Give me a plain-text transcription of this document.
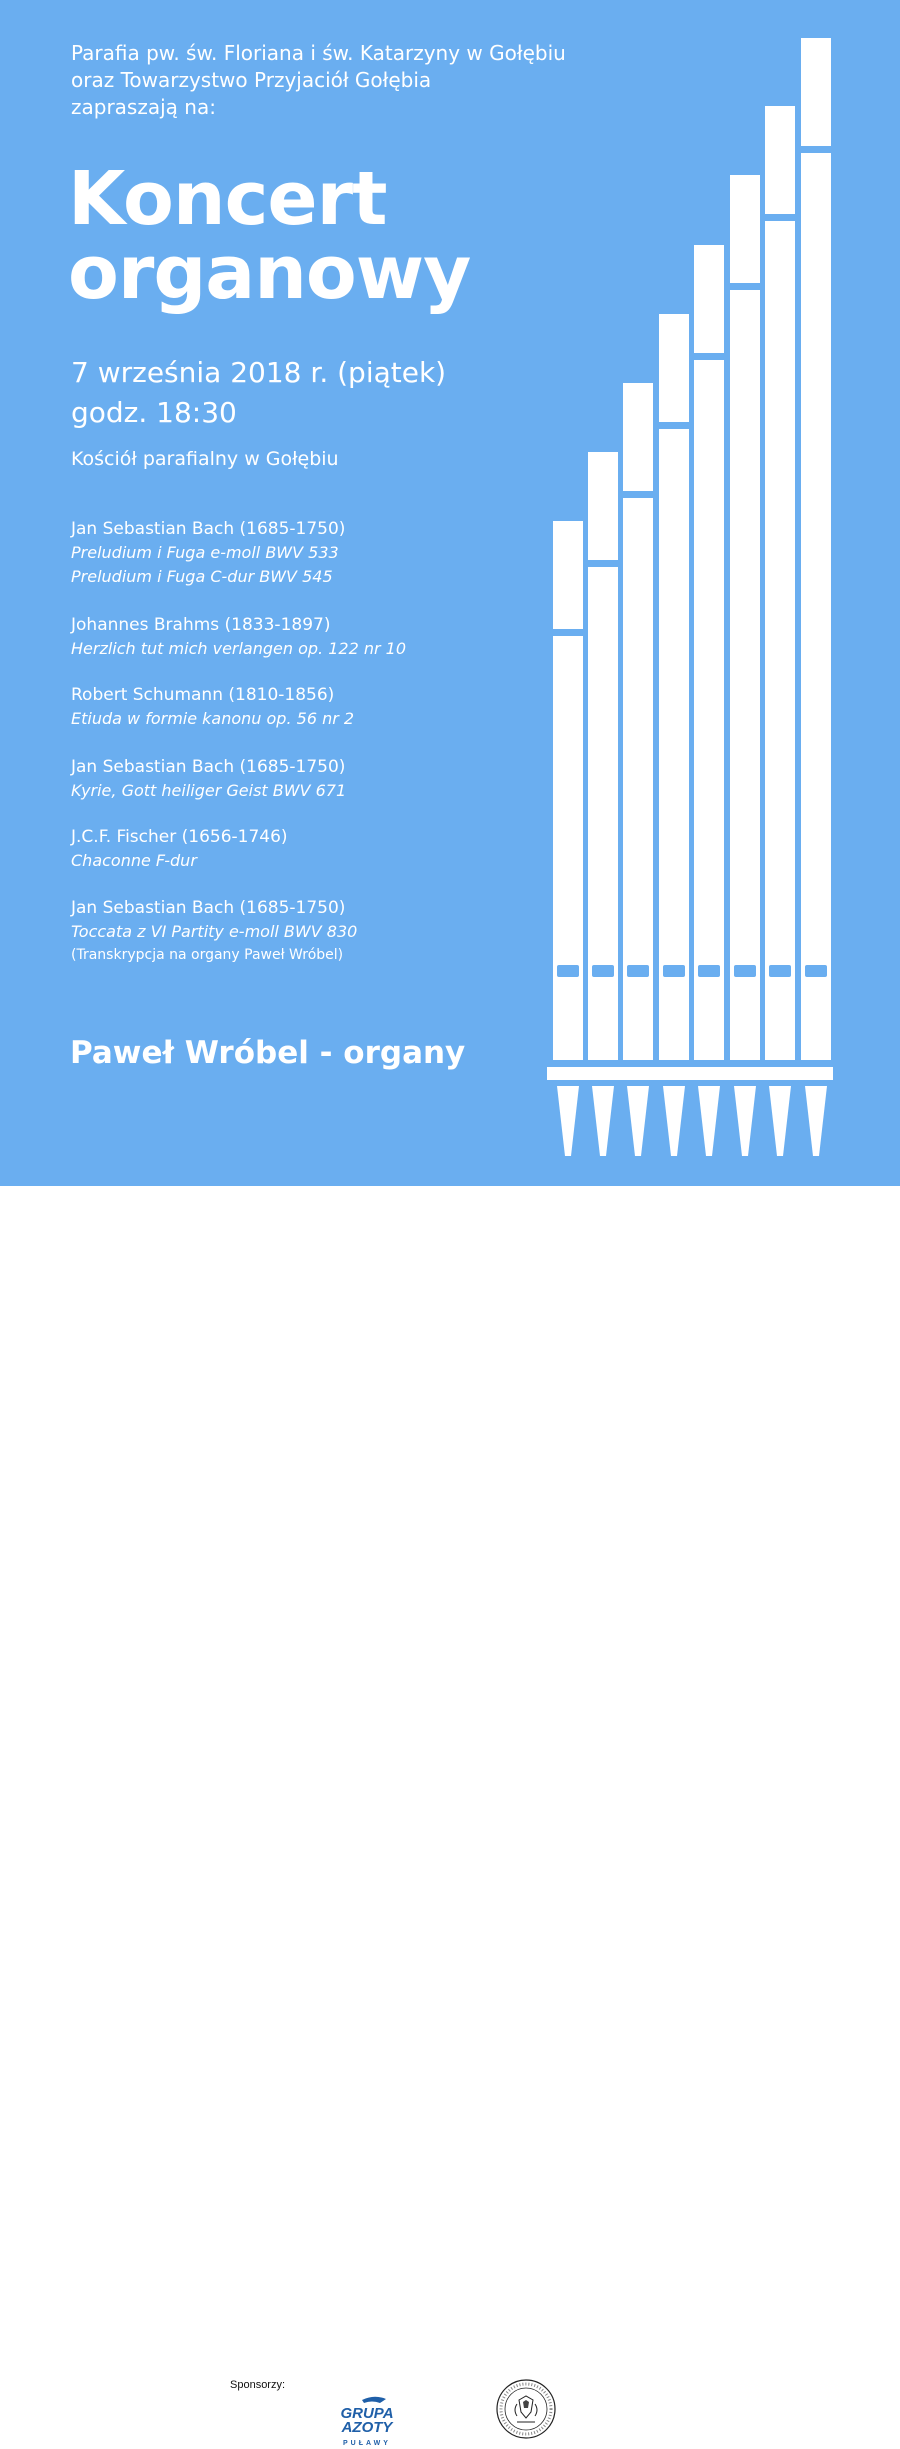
Parafia pw. św. Floriana i św. Katarzyny w Gołębiu
oraz Towarzystwo Przyjaciół Gołębia
zapraszają na:
Koncert
organowy
7 września 2018 r. (piątek)
godz. 18:30
Kościół parafialny w Gołębiu
Jan Sebastian Bach (1685-1750)
Preludium i Fuga e-moll BWV 533
Preludium i Fuga C-dur BWV 545
Johannes Brahms (1833-1897)
Herzlich tut mich verlangen op. 122 nr 10
Robert Schumann (1810-1856)
Etiuda w formie kanonu op. 56 nr 2
Jan Sebastian Bach (1685-1750)
Kyrie, Gott heiliger Geist BWV 671
J.C.F. Fischer (1656-1746)
Chaconne F-dur
Jan Sebastian Bach (1685-1750)
Toccata z VI Partity e-moll BWV 830
(Transkrypcja na organy Paweł Wróbel)
Paweł Wróbel - organy
Sponsorzy:
GRUPA
AZOTY
PUŁAWY
